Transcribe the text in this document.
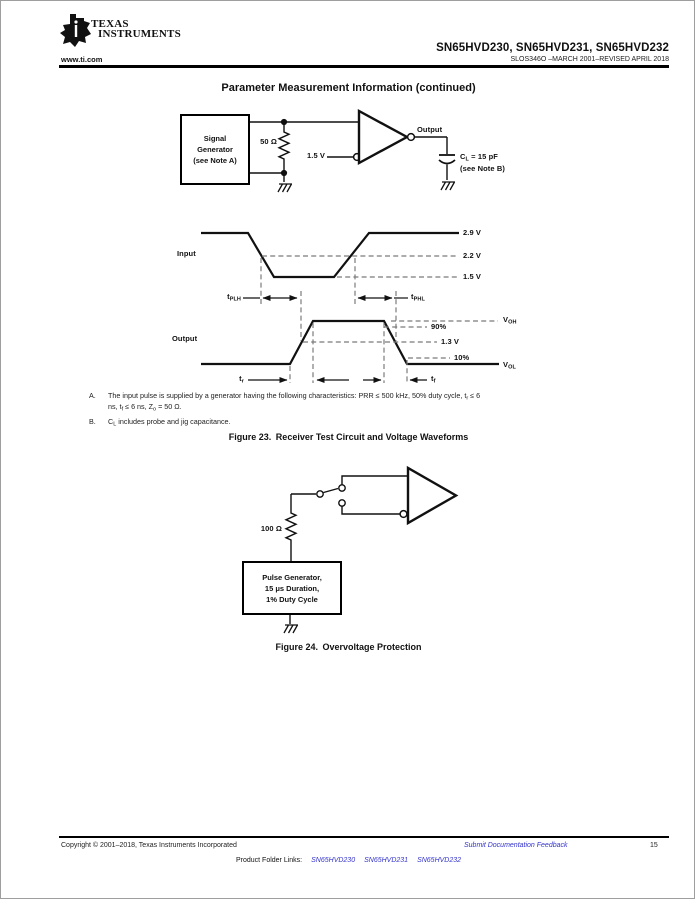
TEXAS
INSTRUMENTS
SN65HVD230, SN65HVD231, SN65HVD232
www.ti.com	SLOS346O –MARCH 2001–REVISED APRIL 2018
Parameter Measurement Information (continued)
Signal
Generator
(see Note A)
50 Ω
1.5 V
Output
$C_L = 15$ pF
(see Note B)
Input
2.9 V
2.2 V
1.5 V
$t_{PLH}$	$t_{PHL}$
Output
90%
$V_{OH}$
1.3 V
10%
$V_{OL}$
$t_r$	$t_f$
A.	The input pulse is supplied by a generator having the following characteristics: PRR ≤ 500 kHz, 50% duty cycle, $t_r \le 6$
ns, $t_f \le 6$ ns, $Z_o = 50$ Ω.
B.	$C_L$ includes probe and jig capacitance.
Figure 23. Receiver Test Circuit and Voltage Waveforms
100 Ω
Pulse Generator,
15 μs Duration,
1% Duty Cycle
Figure 24. Overvoltage Protection
Copyright © 2001–2018, Texas Instruments Incorporated	Submit Documentation Feedback	15
Product Folder Links: SN65HVD230 SN65HVD231 SN65HVD232
